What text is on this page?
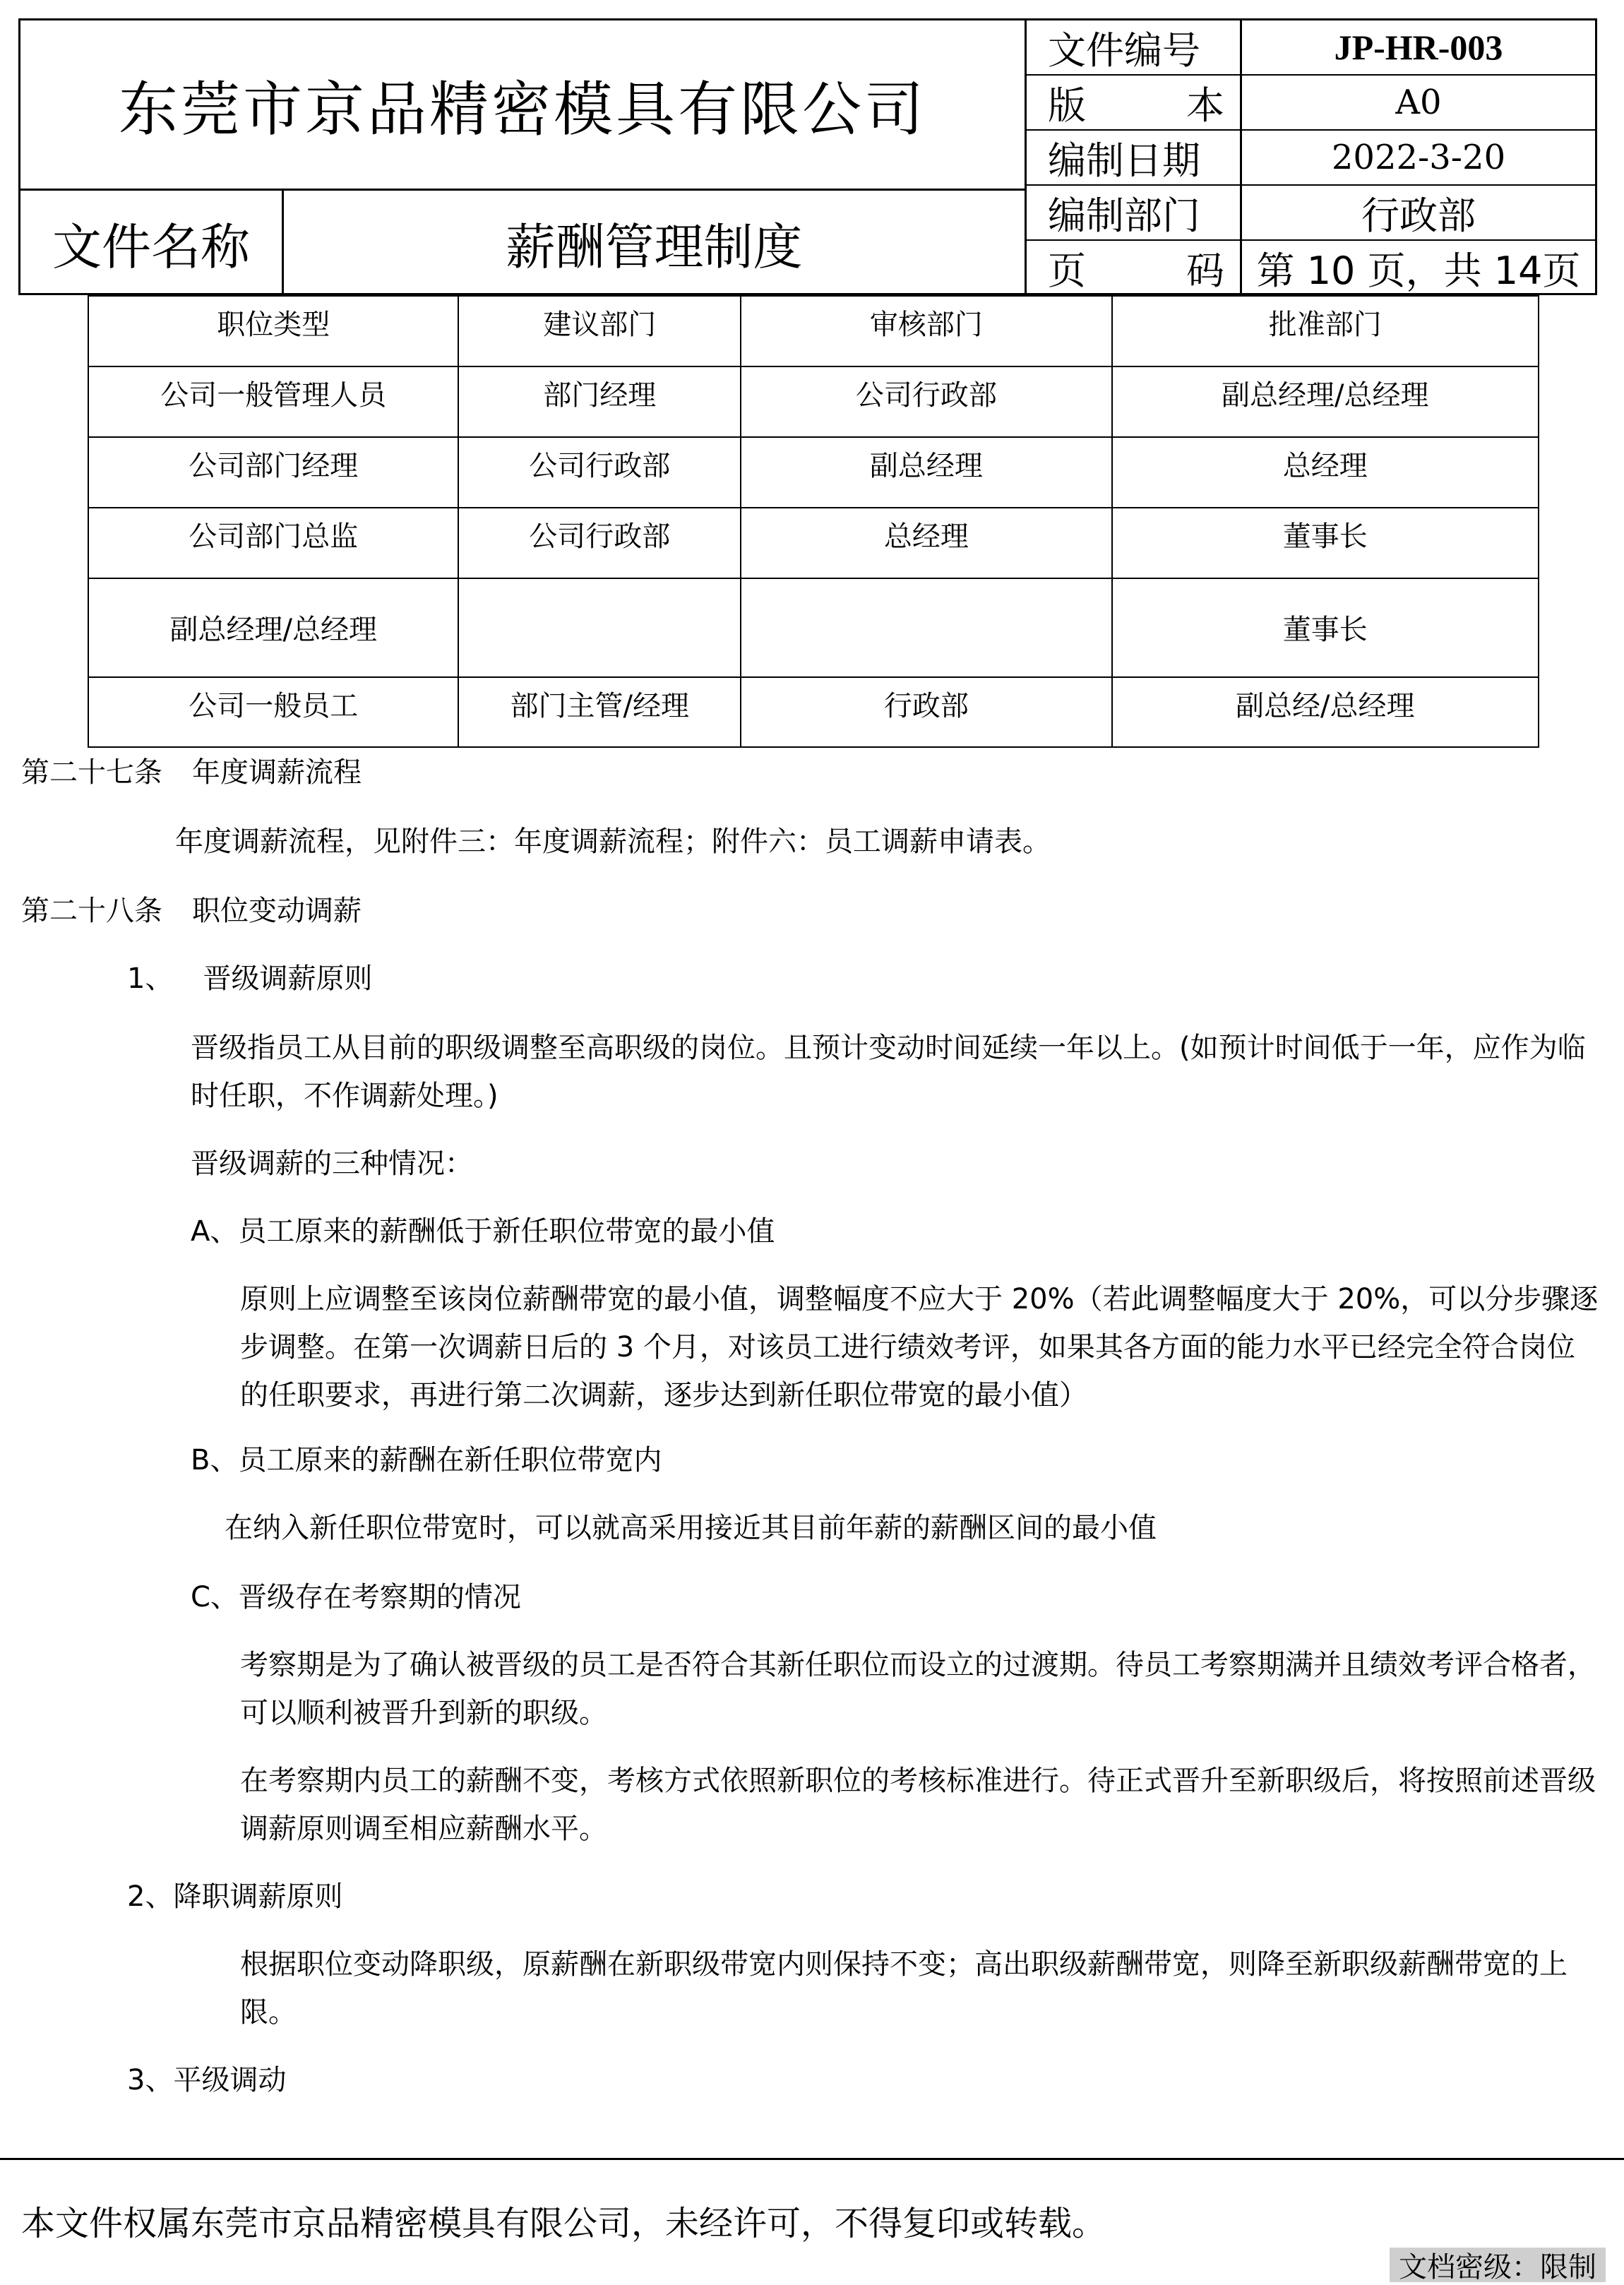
东莞市京品精密模具有限公司
文件名称	薪酬管理制度
文件编号	JP-HR-003
版	本	A0
编制日期	2022-3-20
编制部门	行政部
页	码 第 10 页，共 14页
职位类型	建议部门	审核部门	批准部门
公司一般管理人员	部门经理	公司行政部	副总经理/总经理
公司部门经理	公司行政部	副总经理	总经理
公司部门总监	公司行政部	总经理	董事长
副总经理/总经理			董事长
公司一般员工	部门主管/经理	行政部	副总经/总经理
第二十七条 年度调薪流程
年度调薪流程，见附件三：年度调薪流程；附件六：员工调薪申请表。
第二十八条 职位变动调薪
1、 晋级调薪原则
晋级指员工从目前的职级调整至高职级的岗位。且预计变动时间延续一年以上。(如预计时间低于一年，应作为临时任职，不作调薪处理。)
晋级调薪的三种情况：
A、员工原来的薪酬低于新任职位带宽的最小值
原则上应调整至该岗位薪酬带宽的最小值，调整幅度不应大于 20%（若此调整幅度大于 20%，可以分步骤逐步调整。在第一次调薪日后的 3 个月，对该员工进行绩效考评，如果其各方面的能力水平已经完全符合岗位的任职要求，再进行第二次调薪，逐步达到新任职位带宽的最小值）
B、员工原来的薪酬在新任职位带宽内
在纳入新任职位带宽时，可以就高采用接近其目前年薪的薪酬区间的最小值
C、晋级存在考察期的情况
考察期是为了确认被晋级的员工是否符合其新任职位而设立的过渡期。待员工考察期满并且绩效考评合格者，可以顺利被晋升到新的职级。
在考察期内员工的薪酬不变，考核方式依照新职位的考核标准进行。待正式晋升至新职级后，将按照前述晋级调薪原则调至相应薪酬水平。
2、降职调薪原则
根据职位变动降职级，原薪酬在新职级带宽内则保持不变；高出职级薪酬带宽，则降至新职级薪酬带宽的上限。
3、平级调动
本文件权属东莞市京品精密模具有限公司，未经许可，不得复印或转载。
文档密级：限制
